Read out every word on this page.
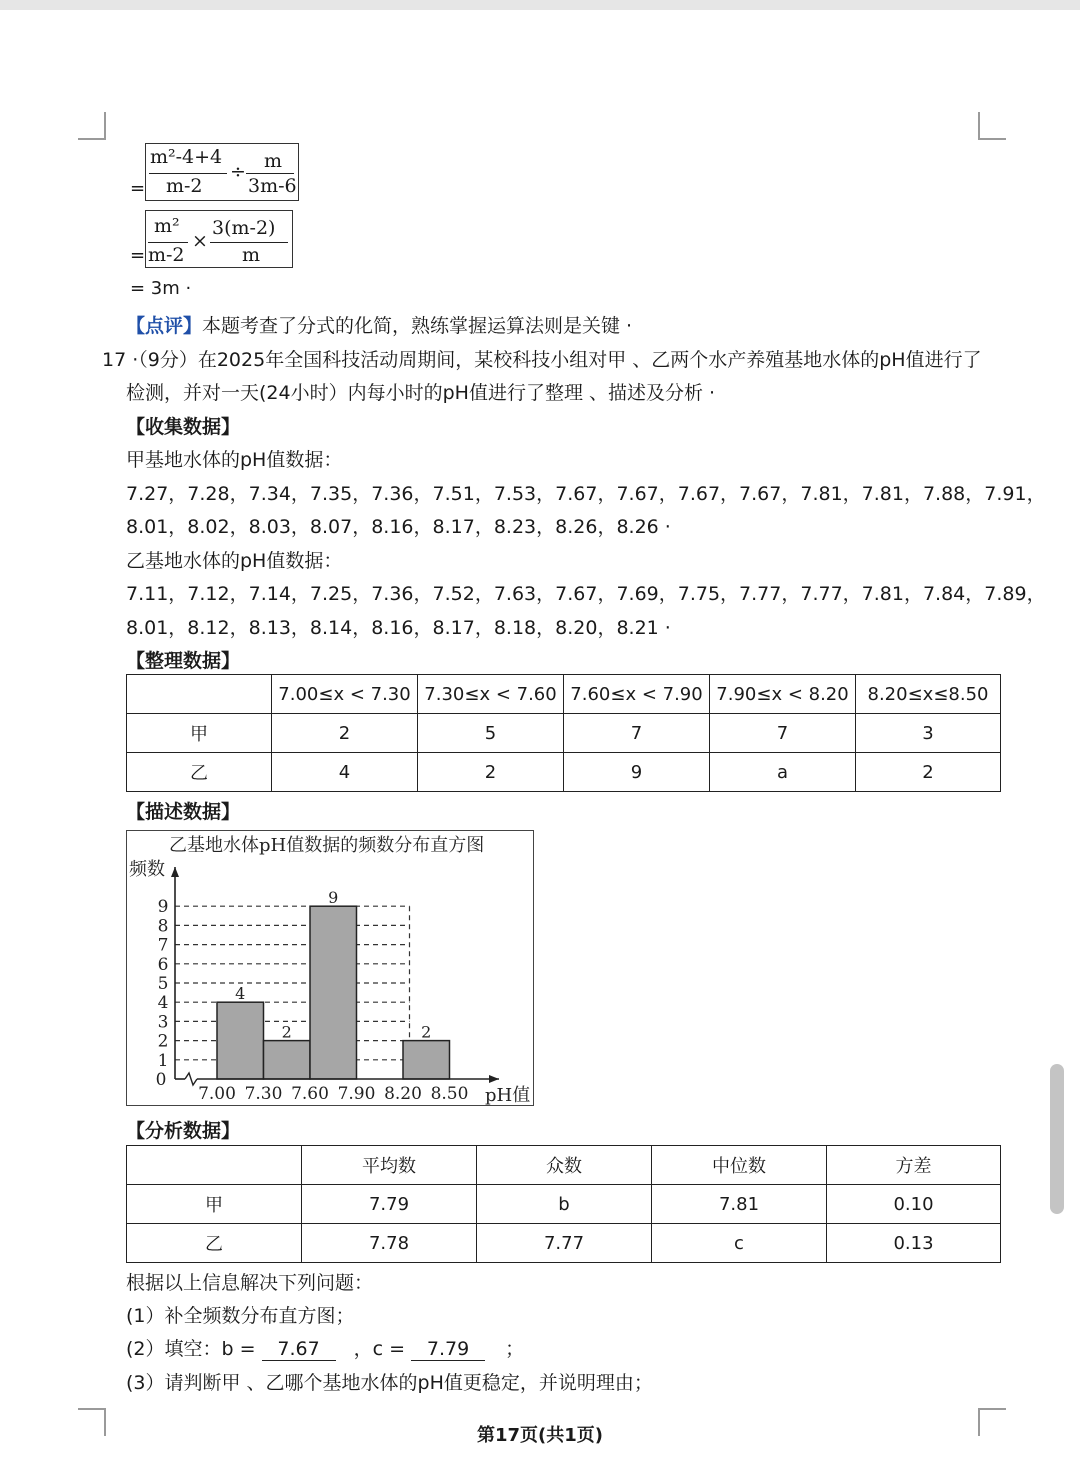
=
m²-4+4
m-2
÷ m
3m-6
=
m²
m-2
×
3(m-2)
m
= 3m ·
【点评】本题考查了分式的化简，熟练掌握运算法则是关键 ·
17 ·（9分）在2025年全国科技活动周期间，某校科技小组对甲 、乙两个水产养殖基地水体的pH值进行了
检测，并对一天(24小时）内每小时的pH值进行了整理 、描述及分析 ·
【收集数据】
甲基地水体的pH值数据：
7.27，7.28，7.34，7.35，7.36，7.51，7.53，7.67，7.67，7.67，7.67，7.81，7.81，7.88，7.91，
8.01，8.02，8.03，8.07，8.16，8.17，8.23，8.26，8.26 ·
乙基地水体的pH值数据：
7.11，7.12，7.14，7.25，7.36，7.52，7.63，7.67，7.69，7.75，7.77，7.77，7.81，7.84，7.89，
8.01，8.12，8.13，8.14，8.16，8.17，8.18，8.20，8.21 ·
【整理数据】
	7.00≤x < 7.30	7.30≤x < 7.60	7.60≤x < 7.90	7.90≤x < 8.20	8.20≤x≤8.50
甲	2	5	7	7	3
乙	4	2	9	a	2
【描述数据】
乙基地水体pH值数据的频数分布直方图
频数
pH值
4
2
9
2
0
1
2
3
4
5
6
7
8
9
7.00 7.30 7.60 7.90 8.20 8.50
【分析数据】
	平均数	众数	中位数	方差
甲	7.79	b	7.81	0.10
乙	7.78	7.77	c	0.13
根据以上信息解决下列问题：
(1）补全频数分布直方图；
(2）填空：b = 7.67 ，c = 7.79 ；
(3）请判断甲 、乙哪个基地水体的pH值更稳定，并说明理由；
第17页(共1页)
